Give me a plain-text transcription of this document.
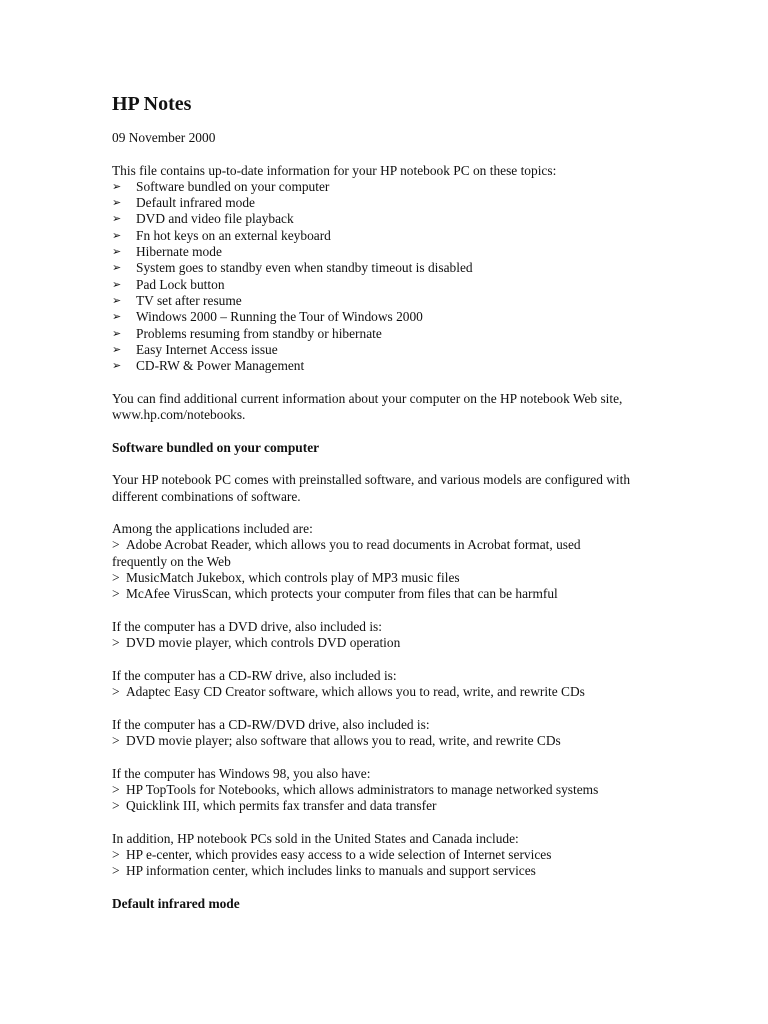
HP Notes

09 November 2000

This file contains up-to-date information for your HP notebook PC on these topics:

➢ Software bundled on your computer
➢ Default infrared mode
➢ DVD and video file playback
➢ Fn hot keys on an external keyboard
➢ Hibernate mode
➢ System goes to standby even when standby timeout is disabled
➢ Pad Lock button
➢ TV set after resume
➢ Windows 2000 – Running the Tour of Windows 2000
➢ Problems resuming from standby or hibernate
➢ Easy Internet Access issue
➢ CD-RW & Power Management

You can find additional current information about your computer on the HP notebook Web site,
www.hp.com/notebooks.

Software bundled on your computer

Your HP notebook PC comes with preinstalled software, and various models are configured with
different combinations of software.

Among the applications included are:

> Adobe Acrobat Reader, which allows you to read documents in Acrobat format, used
frequently on the Web

> MusicMatch Jukebox, which controls play of MP3 music files

> McAfee VirusScan, which protects your computer from files that can be harmful

If the computer has a DVD drive, also included is:

> DVD movie player, which controls DVD operation

If the computer has a CD-RW drive, also included is:

> Adaptec Easy CD Creator software, which allows you to read, write, and rewrite CDs

If the computer has a CD-RW/DVD drive, also included is:

> DVD movie player; also software that allows you to read, write, and rewrite CDs

If the computer has Windows 98, you also have:

> HP TopTools for Notebooks, which allows administrators to manage networked systems

> Quicklink III, which permits fax transfer and data transfer

In addition, HP notebook PCs sold in the United States and Canada include:

> HP e-center, which provides easy access to a wide selection of Internet services

> HP information center, which includes links to manuals and support services

Default infrared mode
